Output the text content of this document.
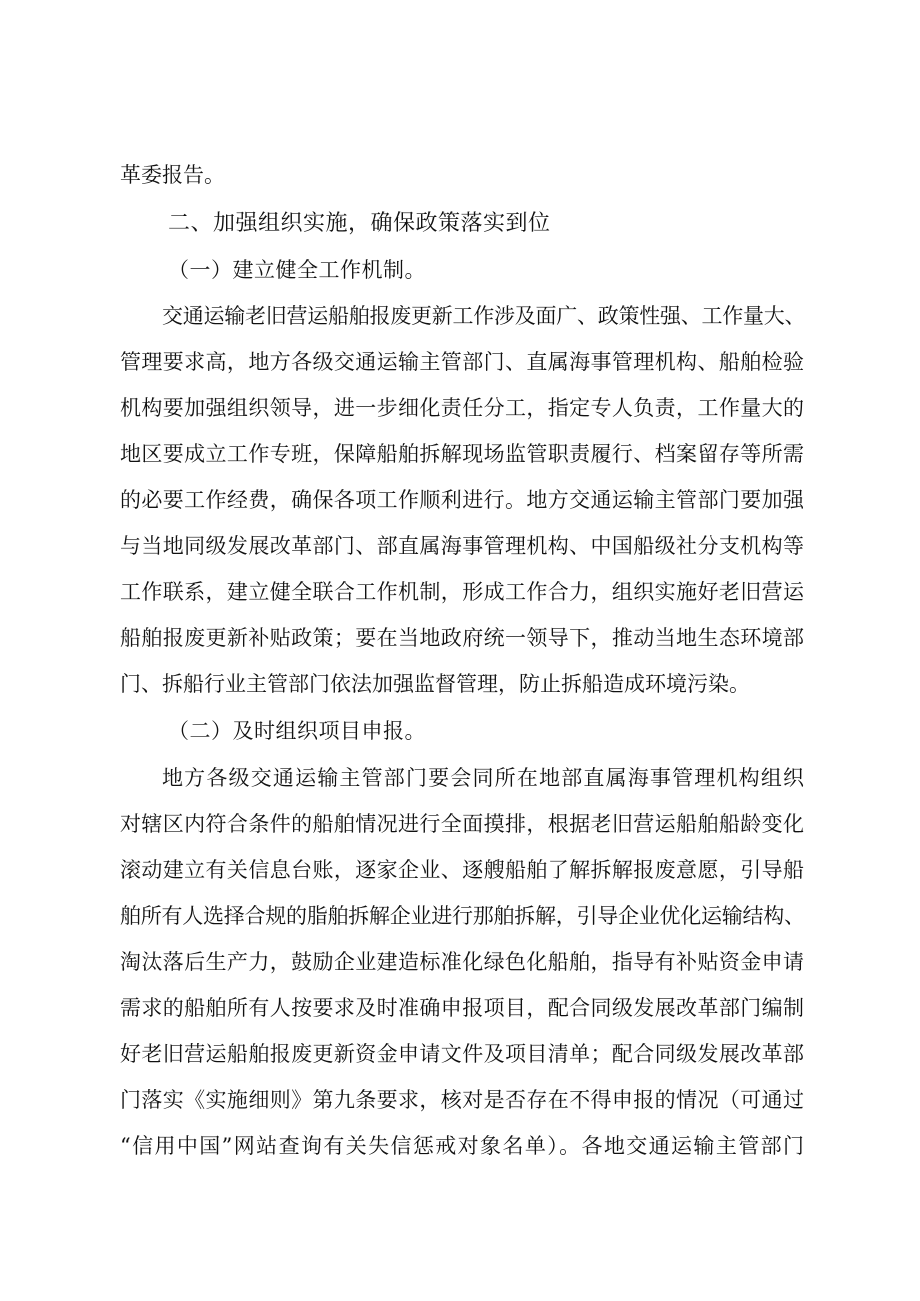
革委报告。
二、加强组织实施，确保政策落实到位
（一）建立健全工作机制。
交通运输老旧营运船舶报废更新工作涉及面广、政策性强、工作量大、
管理要求高，地方各级交通运输主管部门、直属海事管理机构、船舶检验
机构要加强组织领导，进一步细化责任分工，指定专人负责，工作量大的
地区要成立工作专班，保障船舶拆解现场监管职责履行、档案留存等所需
的必要工作经费，确保各项工作顺利进行。地方交通运输主管部门要加强
与当地同级发展改革部门、部直属海事管理机构、中国船级社分支机构等
工作联系，建立健全联合工作机制，形成工作合力，组织实施好老旧营运
船舶报废更新补贴政策；要在当地政府统一领导下，推动当地生态环境部
门、拆船行业主管部门依法加强监督管理，防止拆船造成环境污染。
（二）及时组织项目申报。
地方各级交通运输主管部门要会同所在地部直属海事管理机构组织
对辖区内符合条件的船舶情况进行全面摸排，根据老旧营运船舶船龄变化
滚动建立有关信息台账，逐家企业、逐艘船舶了解拆解报废意愿，引导船
舶所有人选择合规的脂舶拆解企业进行那舶拆解，引导企业优化运输结构、
淘汰落后生产力，鼓励企业建造标准化绿色化船舶，指导有补贴资金申请
需求的船舶所有人按要求及时准确申报项目，配合同级发展改革部门编制
好老旧营运船舶报废更新资金申请文件及项目清单；配合同级发展改革部
门落实《实施细则》第九条要求，核对是否存在不得申报的情况（可通过
“信用中国”网站查询有关失信惩戒对象名单）。各地交通运输主管部门
